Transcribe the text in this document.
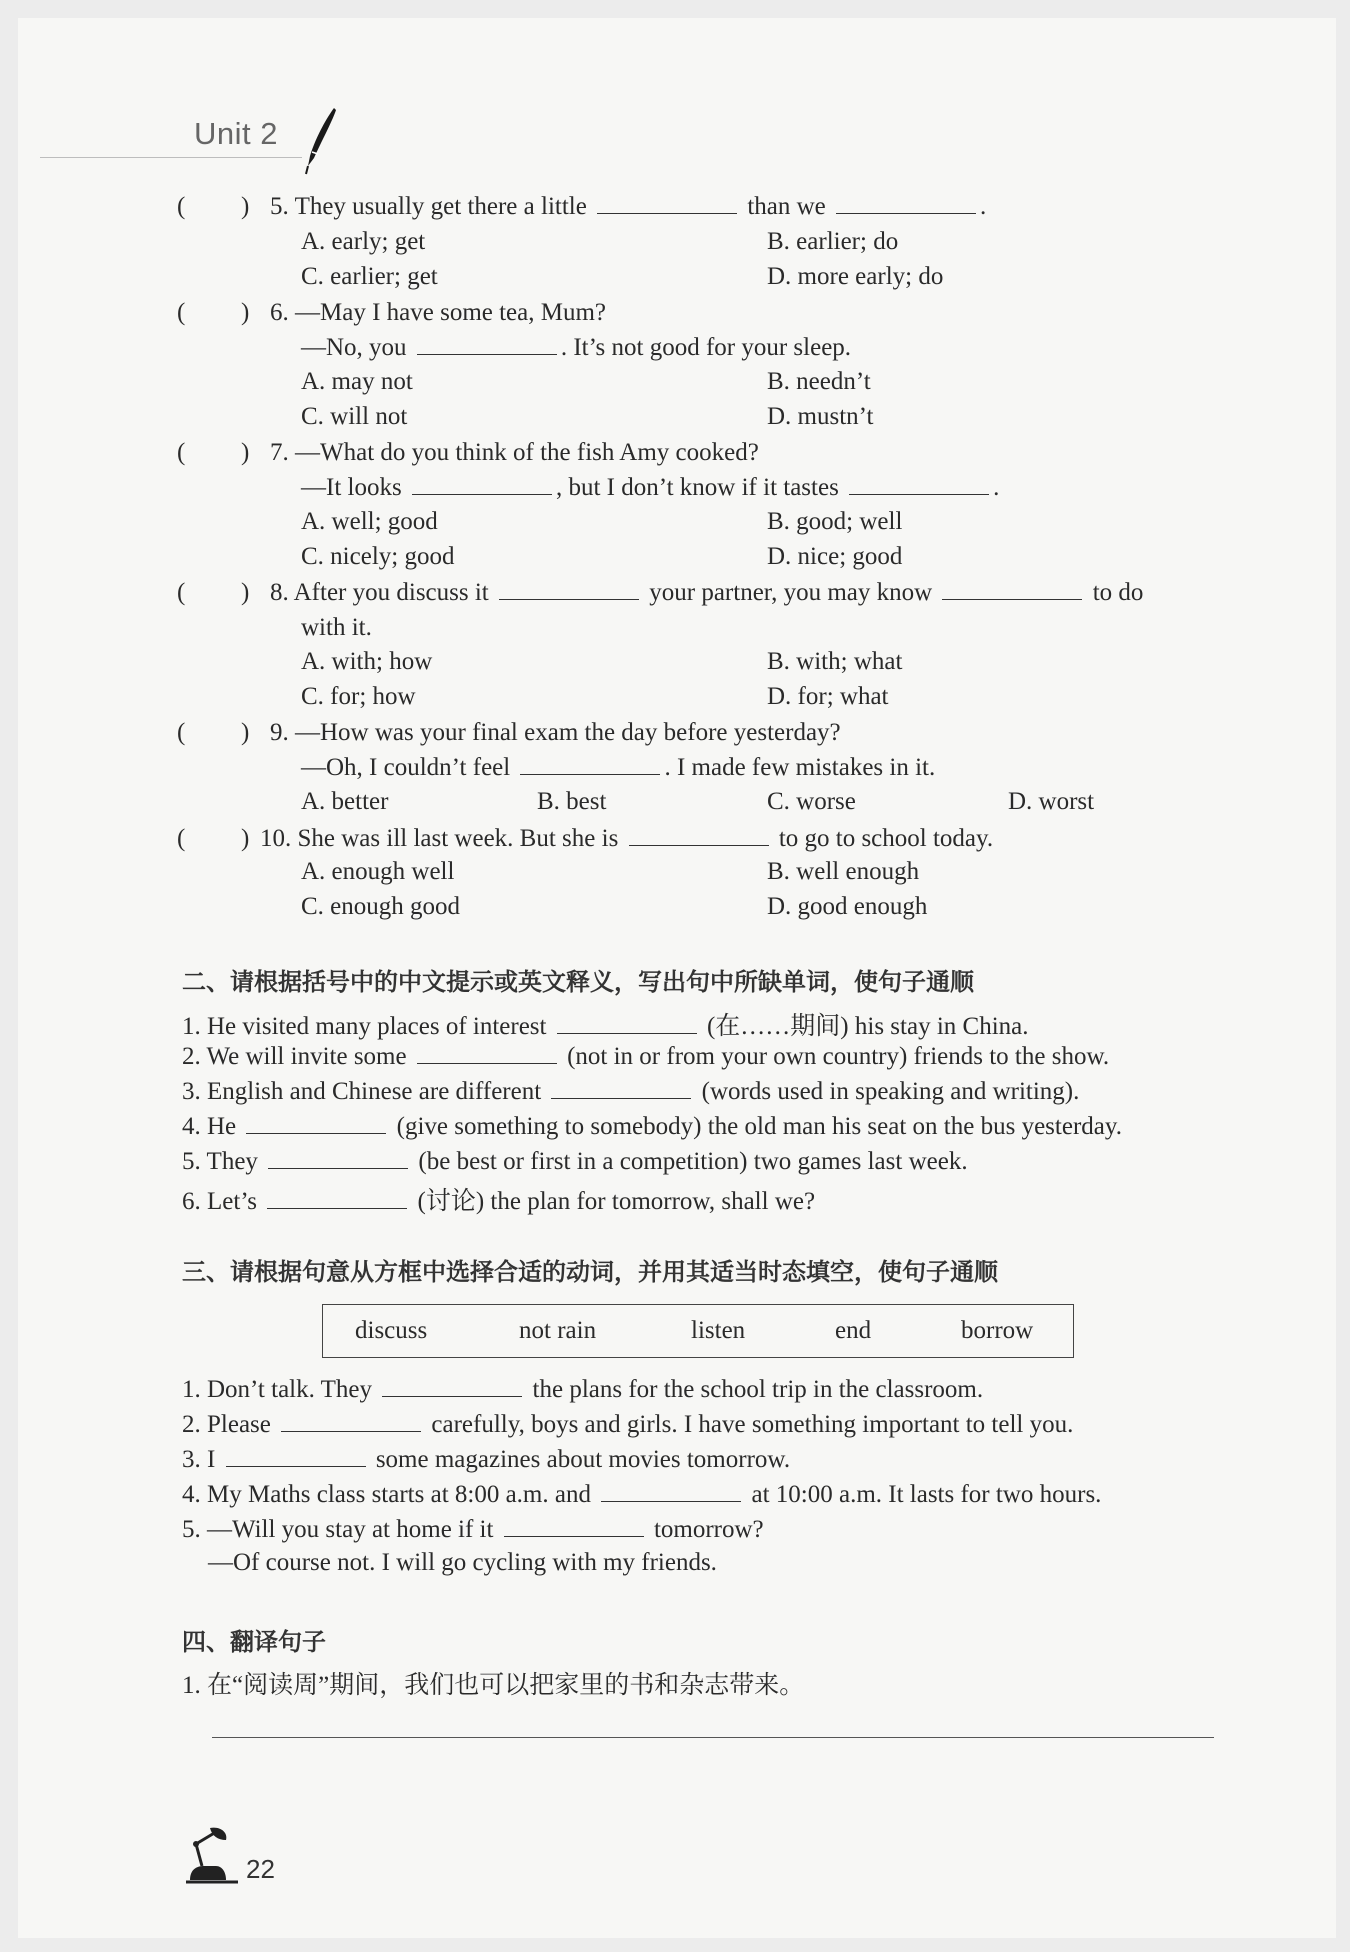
Unit 2
( ) 5. They usually get there a little	than we	.
A. early; get	B. earlier; do
C. earlier; get	D. more early; do
( ) 6. —May I have some tea, Mum?
—No, you	. It’s not good for your sleep.
A. may not	B. needn’t
C. will not	D. mustn’t
( ) 7. —What do you think of the fish Amy cooked?
—It looks	, but I don’t know if it tastes	.
A. well; good	B. good; well
C. nicely; good	D. nice; good
( ) 8. After you discuss it	your partner, you may know	to do
with it.
A. with; how	B. with; what
C. for; how	D. for; what
( ) 9. —How was your final exam the day before yesterday?
—Oh, I couldn’t feel	. I made few mistakes in it.
A. better	B. best	C. worse	D. worst
( ) 10. She was ill last week. But she is	to go to school today.
A. enough well	B. well enough
C. enough good	D. good enough
二、请根据括号中的中文提示或英文释义，写出句中所缺单词，使句子通顺
1. He visited many places of interest	(在……期间) his stay in China.
2. We will invite some	(not in or from your own country) friends to the show.
3. English and Chinese are different	(words used in speaking and writing).
4. He	(give something to somebody) the old man his seat on the bus yesterday.
5. They	(be best or first in a competition) two games last week.
6. Let’s	(讨论) the plan for tomorrow, shall we?
三、请根据句意从方框中选择合适的动词，并用其适当时态填空，使句子通顺
discuss	not rain	listen	end	borrow
1. Don’t talk. They	the plans for the school trip in the classroom.
2. Please	carefully, boys and girls. I have something important to tell you.
3. I	some magazines about movies tomorrow.
4. My Maths class starts at 8:00 a.m. and	at 10:00 a.m. It lasts for two hours.
5. —Will you stay at home if it	tomorrow?
—Of course not. I will go cycling with my friends.
四、翻译句子
1. 在“阅读周”期间，我们也可以把家里的书和杂志带来。
22
